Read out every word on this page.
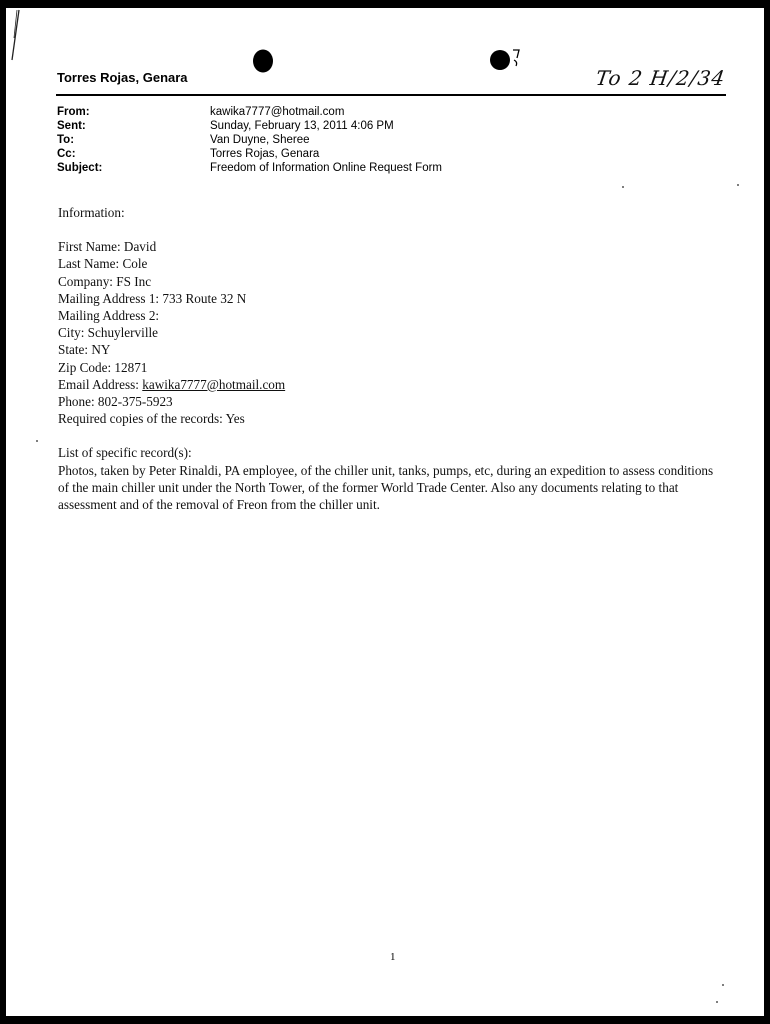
Torres Rojas, Genara	To 2 H/2/34
From:	kawika7777@hotmail.com
Sent:	Sunday, February 13, 2011 4:06 PM
To:	Van Duyne, Sheree
Cc:	Torres Rojas, Genara
Subject:	Freedom of Information Online Request Form

Information:

First Name: David

Last Name: Cole

Company: FS Inc

Mailing Address 1: 733 Route 32 N

Mailing Address 2:

City: Schuylerville

State: NY

Zip Code: 12871

Email Address: kawika7777@hotmail.com

Phone: 802-375-5923

Required copies of the records: Yes

List of specific record(s):

Photos, taken by Peter Rinaldi, PA employee, of the chiller unit, tanks, pumps, etc, during an expedition to assess conditions of the main chiller unit under the North Tower, of the former World Trade Center. Also any documents relating to that assessment and of the removal of Freon from the chiller unit.

1
